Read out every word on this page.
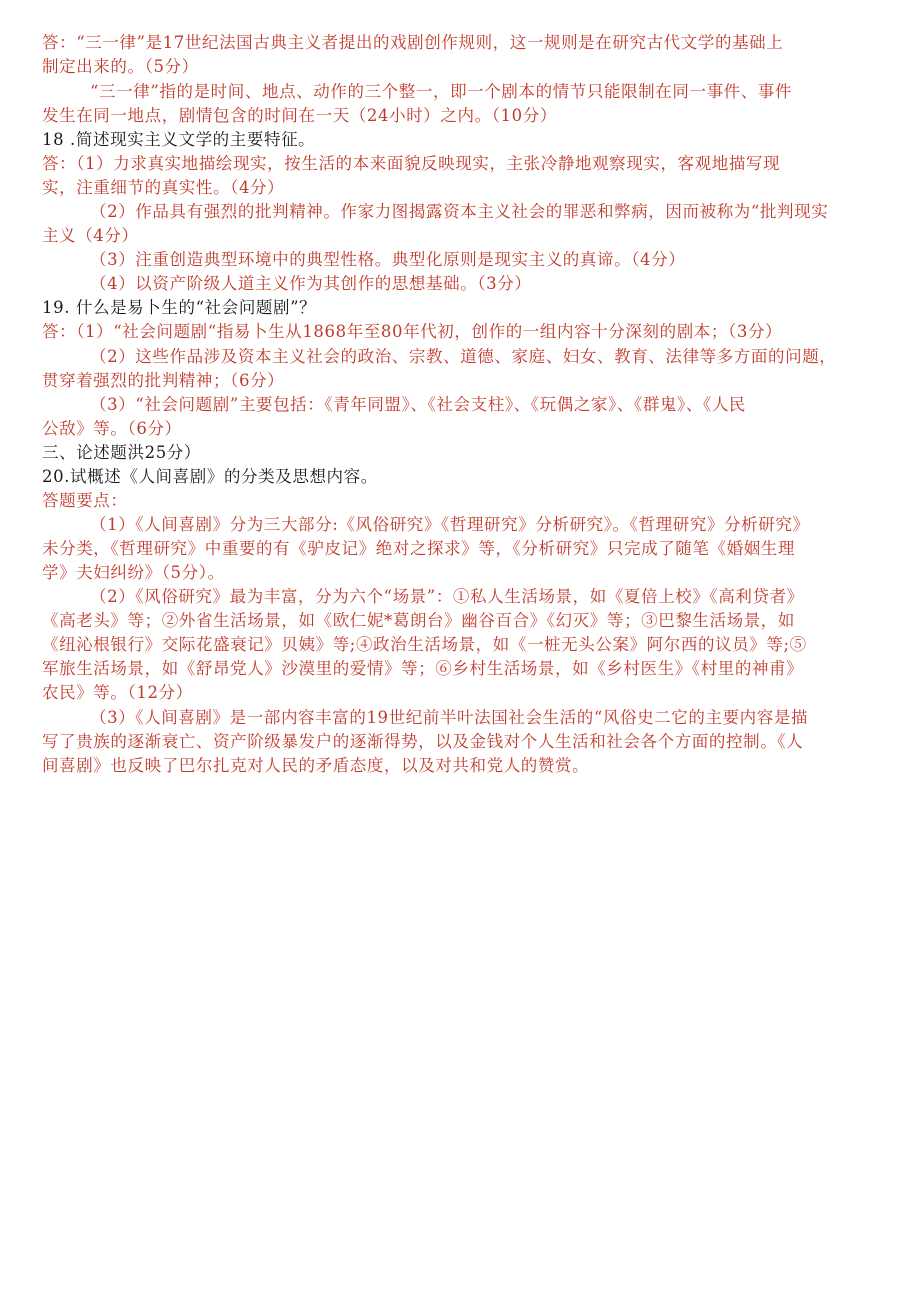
答：“三一律”是17世纪法国古典主义者提出的戏剧创作规则，这一规则是在研究古代文学的基础上
制定出来的。（5分）
“三一律”指的是时间、地点、动作的三个整一，即一个剧本的情节只能限制在同一事件、事件
发生在同一地点，剧情包含的时间在一天（24小时）之内。（10分）
18 .简述现实主义文学的主要特征。
答：（1）力求真实地描绘现实，按生活的本来面貌反映现实，主张冷静地观察现实，客观地描写现
实，注重细节的真实性。（4分）
（2）作品具有强烈的批判精神。作家力图揭露资本主义社会的罪恶和弊病，因而被称为“批判现实
主义（4分）
（3）注重创造典型环境中的典型性格。典型化原则是现实主义的真谛。（4分）
（4）以资产阶级人道主义作为其创作的思想基础。（3分）
19. 什么是易卜生的“社会问题剧”？
答：（1）“社会问题剧“指易卜生从1868年至80年代初，创作的一组内容十分深刻的剧本；（3分）
（2）这些作品涉及资本主义社会的政治、宗教、道德、家庭、妇女、教育、法律等多方面的问题，
贯穿着强烈的批判精神；（6分）
（3）“社会问题剧”主要包括：《青年同盟》、《社会支柱》、《玩偶之家》、《群鬼》、《人民
公敌》等。（6分）
三、论述题洪25分）
20.试概述《人间喜剧》的分类及思想内容。
答题要点：
（1）《人间喜剧》分为三大部分:《风俗研究》《哲理研究》分析研究》。《哲理研究》分析研究》
未分类，《哲理研究》中重要的有《驴皮记》绝对之探求》等，《分析研究》只完成了随笔《婚姻生理
学》夫妇纠纷》（5分）。
（2）《风俗研究》最为丰富，分为六个“场景”：①私人生活场景，如《夏倍上校》《高利贷者》
《高老头》等；②外省生活场景，如《欧仁妮*葛朗台》幽谷百合》《幻灭》等；③巴黎生活场景，如
《纽沁根银行》交际花盛衰记》贝姨》等;④政治生活场景，如《一桩无头公案》阿尔西的议员》等;⑤
军旅生活场景，如《舒昂党人》沙漠里的爱情》等；⑥乡村生活场景，如《乡村医生》《村里的神甫》
农民》等。（12分）
（3）《人间喜剧》是一部内容丰富的19世纪前半叶法国社会生活的“风俗史二它的主要内容是描
写了贵族的逐渐衰亡、资产阶级暴发户的逐渐得势，以及金钱对个人生活和社会各个方面的控制。《人
间喜剧》也反映了巴尔扎克对人民的矛盾态度，以及对共和党人的赞赏。
